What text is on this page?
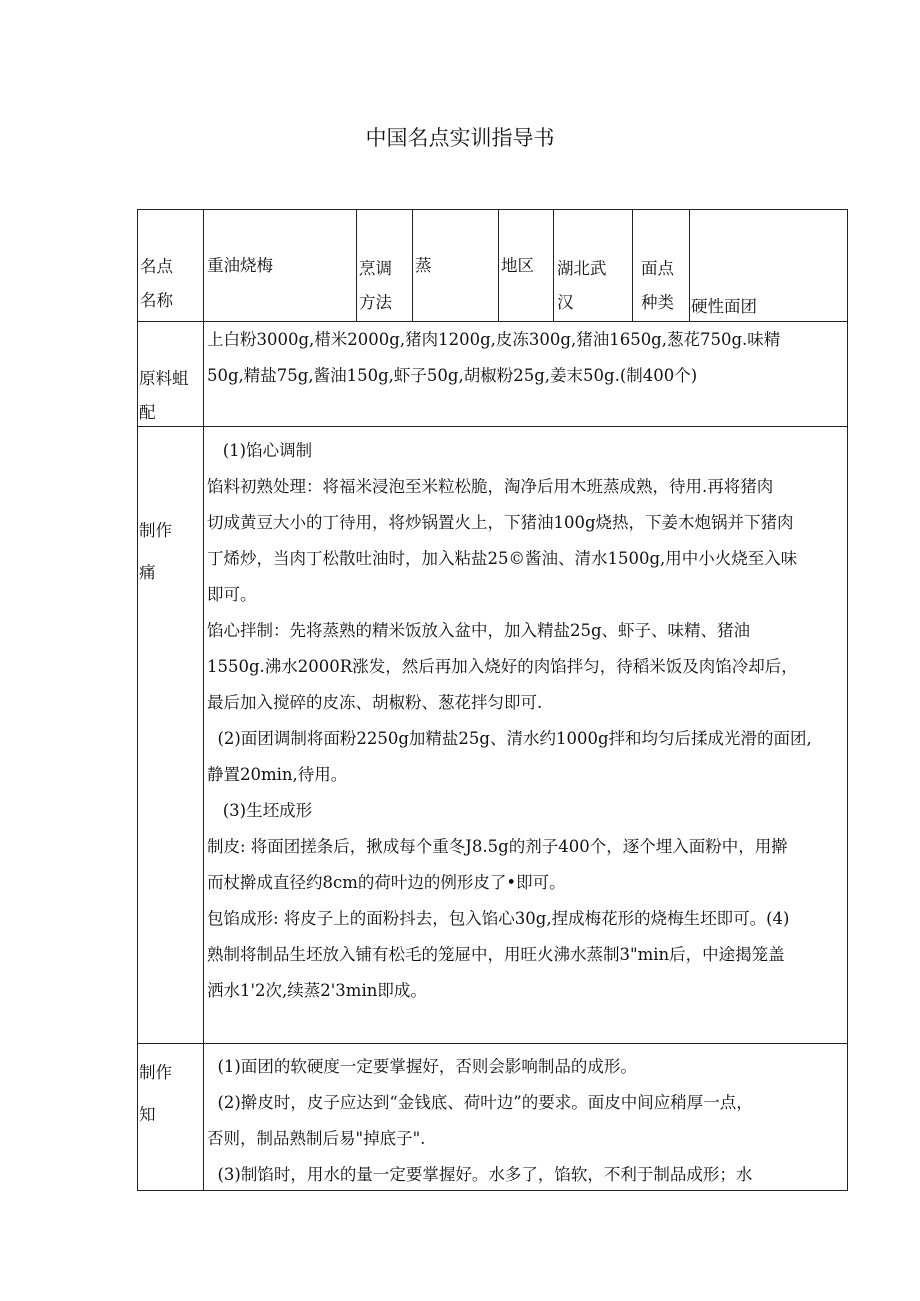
中国名点实训指导书
名点
名称
重油烧梅	烹调
方法
蒸	地区 湖北武
汉
面点
种类 硬性面团
原料蛆
配
上白粉3000g,棤米2000g,猪肉1200g,皮冻300g,猪油1650g,葱花750g.味精
50g,精盐75g,酱油150g,虾子50g,胡椒粉25g,姜末50g.(制400个)
制作
痛
(1)馅心调制
馅料初熟处理：将福米浸泡至米粒松脆，淘净后用木班蒸成熟，待用.再将猪肉
切成黄豆大小的丁待用，将炒锅置火上，下猪油100g烧热，下姜木炮锅并下猪肉
丁烯炒，当肉丁松散吐油时，加入粘盐25©酱油、清水1500g,用中小火烧至入味
即可。
馅心拌制：先将蒸熟的精米饭放入盆中，加入精盐25g、虾子、味精、猪油
1550g.沸水2000R涨发，然后再加入烧好的肉馅拌匀，待稻米饭及肉馅冷却后，
最后加入搅碎的皮冻、胡椒粉、葱花拌匀即可.
(2)面团调制将面粉2250g加精盐25g、清水约1000g拌和均匀后揉成光滑的面团,
静置20min,待用。
(3)生坯成形
制皮: 将面团搓条后，揪成每个重冬J8.5g的剂子400个，逐个埋入面粉中，用擀
而杖擀成直径约8cm的荷叶边的例形皮了•即可。
包馅成形: 将皮子上的面粉抖去，包入馅心30g,捏成梅花形的烧梅生坯即可。(4)
熟制将制品生坯放入铺有松毛的笼屉中，用旺火沸水蒸制3"min后，中途揭笼盖
洒水1'2次,续蒸2'3min即成。
制作
知
(1)面团的软硬度一定要掌握好，否则会影响制品的成形。
(2)擀皮时，皮子应达到“金钱底、荷叶边”的要求。面皮中间应稍厚一点，
否则，制品熟制后易"掉底子".
(3)制馅时，用水的量一定要掌握好。水多了，馅软，不利于制品成形；水
